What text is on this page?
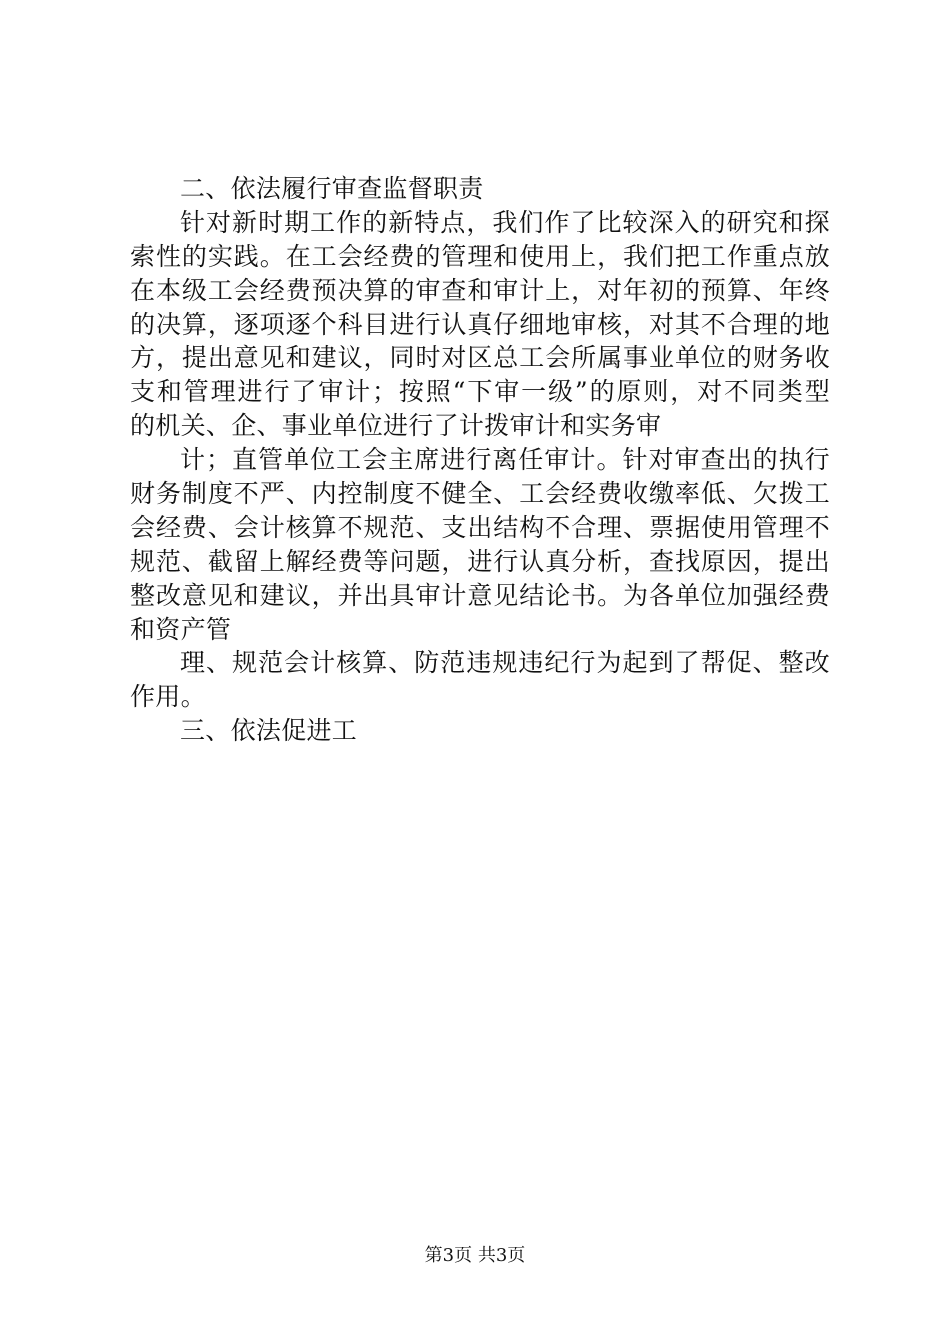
二、依法履行审查监督职责
针对新时期工作的新特点，我们作了比较深入的研究和探
索性的实践。在工会经费的管理和使用上，我们把工作重点放
在本级工会经费预决算的审查和审计上，对年初的预算、年终
的决算，逐项逐个科目进行认真仔细地审核，对其不合理的地
方，提出意见和建议，同时对区总工会所属事业单位的财务收
支和管理进行了审计；按照“下审一级”的原则，对不同类型
的机关、企、事业单位进行了计拨审计和实务审
计；直管单位工会主席进行离任审计。针对审查出的执行
财务制度不严、内控制度不健全、工会经费收缴率低、欠拨工
会经费、会计核算不规范、支出结构不合理、票据使用管理不
规范、截留上解经费等问题，进行认真分析，查找原因，提出
整改意见和建议，并出具审计意见结论书。为各单位加强经费
和资产管
理、规范会计核算、防范违规违纪行为起到了帮促、整改
作用。
三、依法促进工
第3页 共3页
